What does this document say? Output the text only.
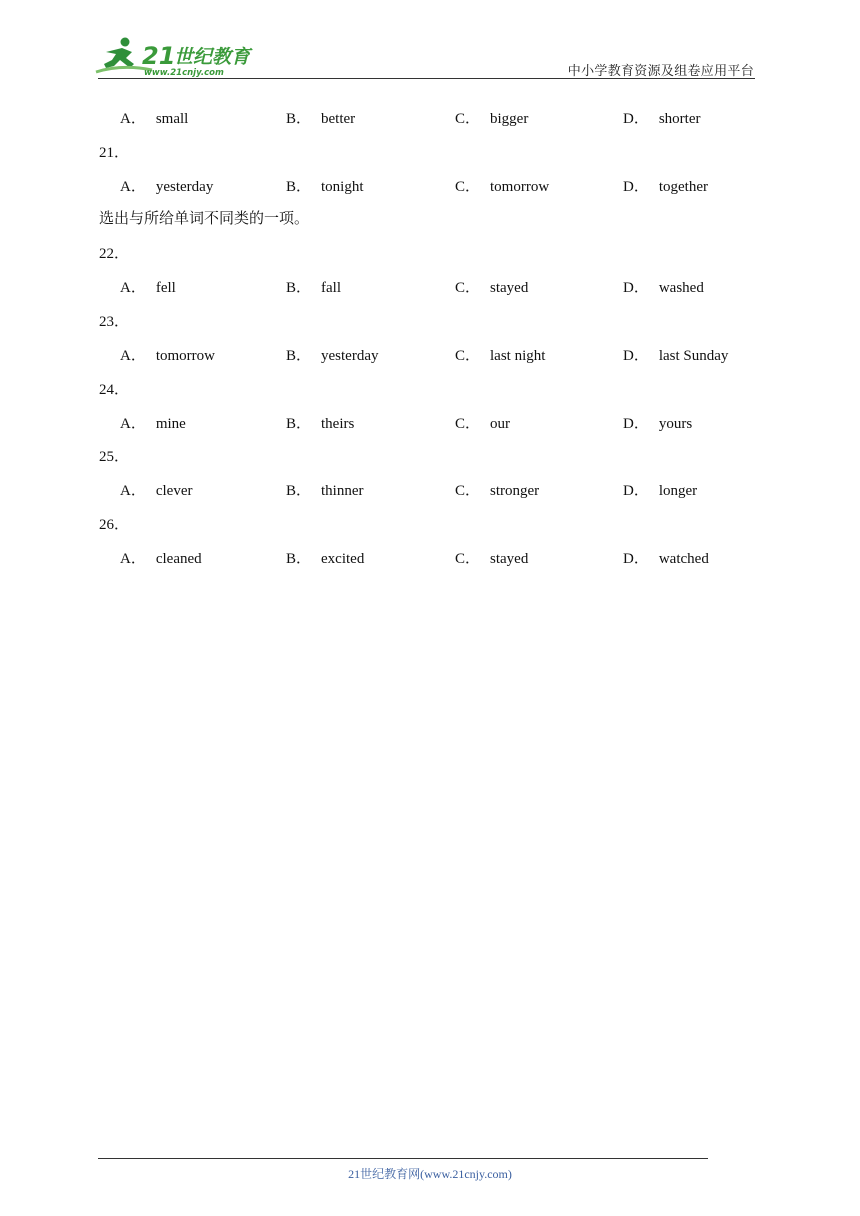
21
世纪教育
www.21cnjy.com	中小学教育资源及组卷应用平台
A． small	B． better	C． bigger	D． shorter
21．
A． yesterday	B． tonight	C． tomorrow	D． together
选出与所给单词不同类的一项。
22．
A． fell	B． fall	C． stayed	D． washed
23．
A． tomorrow	B． yesterday	C． last night	D． last Sunday
24．
A． mine	B． theirs	C． our	D． yours
25．
A． clever	B． thinner	C． stronger	D． longer
26．
A． cleaned	B． excited	C． stayed	D． watched
21世纪教育网(www.21cnjy.com)
